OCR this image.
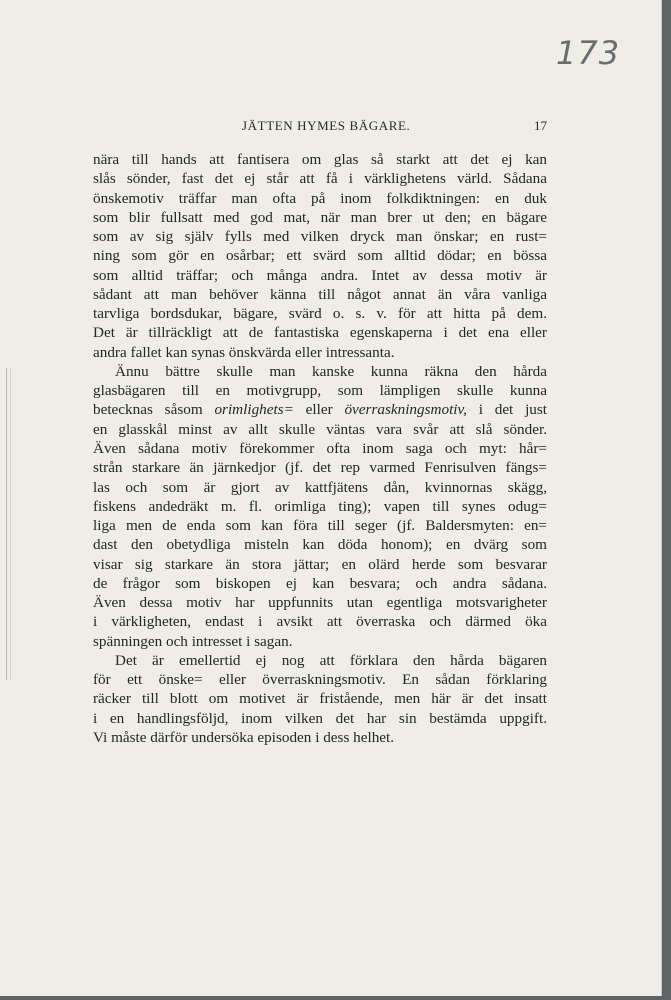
173
JÄTTEN HYMES BÄGARE.	17
nära till hands att fantisera om glas så starkt att det ej kan
slås sönder, fast det ej står att få i värklighetens värld. Sådana
önskemotiv träffar man ofta på inom folkdiktningen: en duk
som blir fullsatt med god mat, när man brer ut den; en bägare
som av sig själv fylls med vilken dryck man önskar; en rust=
ning som gör en osårbar; ett svärd som alltid dödar; en bössa
som alltid träffar; och många andra. Intet av dessa motiv är
sådant att man behöver känna till något annat än våra vanliga
tarvliga bordsdukar, bägare, svärd o. s. v. för att hitta på dem.
Det är tillräckligt att de fantastiska egenskaperna i det ena eller
andra fallet kan synas önskvärda eller intressanta.
Ännu bättre skulle man kanske kunna räkna den hårda
glasbägaren till en motivgrupp, som lämpligen skulle kunna
betecknas såsom orimlighets= eller överraskningsmotiv, i det just
en glasskål minst av allt skulle väntas vara svår att slå sönder.
Även sådana motiv förekommer ofta inom saga och myt: hår=
strån starkare än järnkedjor (jf. det rep varmed Fenrisulven fängs=
las och som är gjort av kattfjätens dån, kvinnornas skägg,
fiskens andedräkt m. fl. orimliga ting); vapen till synes odug=
liga men de enda som kan föra till seger (jf. Baldersmyten: en=
dast den obetydliga misteln kan döda honom); en dvärg som
visar sig starkare än stora jättar; en olärd herde som besvarar
de frågor som biskopen ej kan besvara; och andra sådana.
Även dessa motiv har uppfunnits utan egentliga motsvarigheter
i värkligheten, endast i avsikt att överraska och därmed öka
spänningen och intresset i sagan.
Det är emellertid ej nog att förklara den hårda bägaren
för ett önske= eller överraskningsmotiv. En sådan förklaring
räcker till blott om motivet är fristående, men här är det insatt
i en handlingsföljd, inom vilken det har sin bestämda uppgift.
Vi måste därför undersöka episoden i dess helhet.
